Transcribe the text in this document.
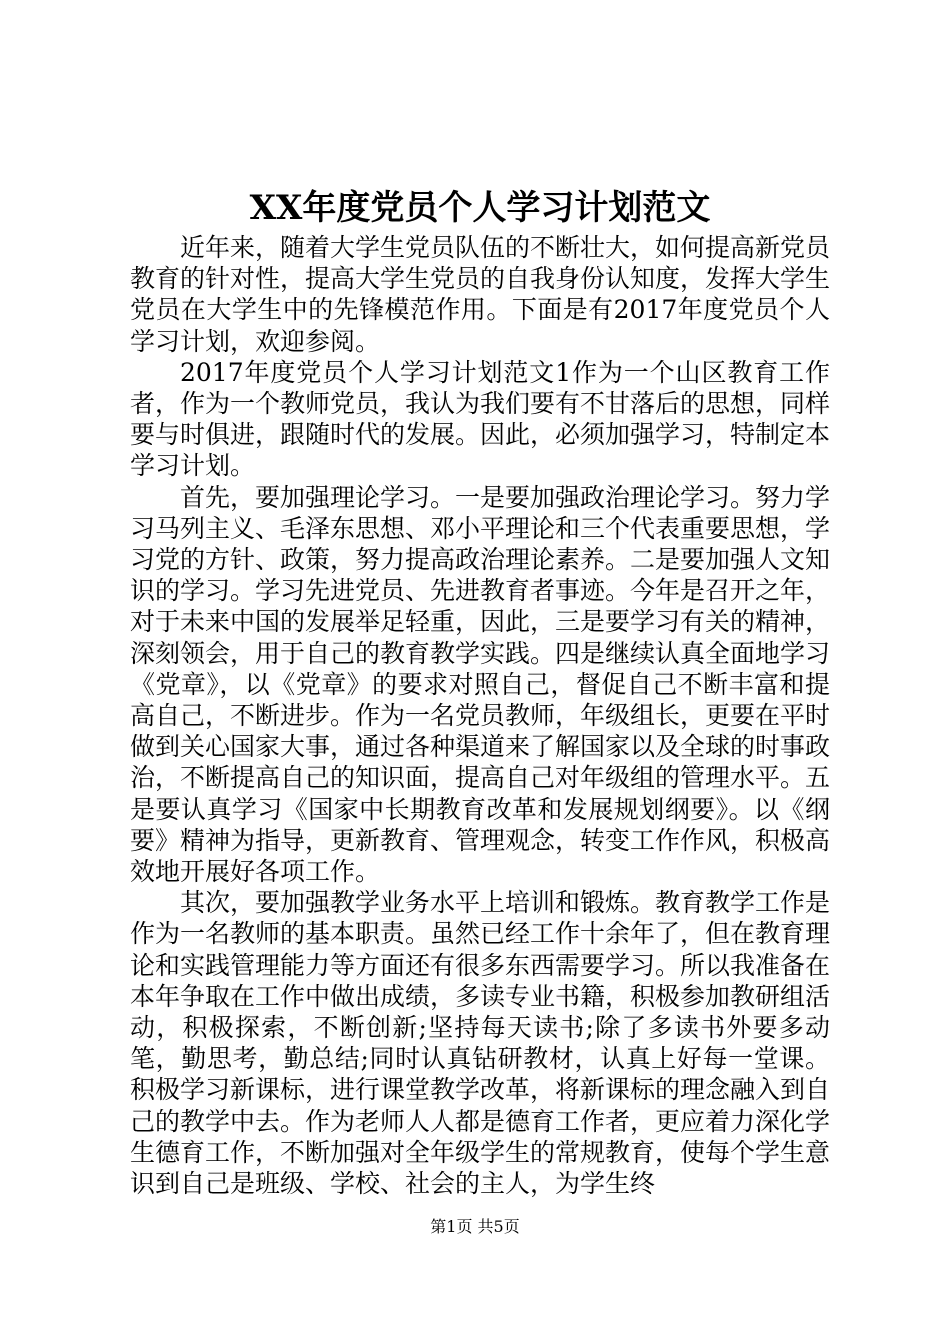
XX年度党员个人学习计划范文

近年来，随着大学生党员队伍的不断壮大，如何提高新党员教育的针对性，提高大学生党员的自我身份认知度，发挥大学生党员在大学生中的先锋模范作用。下面是有2017年度党员个人学习计划，欢迎参阅。

2017年度党员个人学习计划范文1作为一个山区教育工作者，作为一个教师党员，我认为我们要有不甘落后的思想，同样要与时俱进，跟随时代的发展。因此，必须加强学习，特制定本学习计划。

首先，要加强理论学习。一是要加强政治理论学习。努力学习马列主义、毛泽东思想、邓小平理论和三个代表重要思想，学习党的方针、政策，努力提高政治理论素养。二是要加强人文知识的学习。学习先进党员、先进教育者事迹。今年是召开之年，对于未来中国的发展举足轻重，因此，三是要学习有关的精神，深刻领会，用于自己的教育教学实践。四是继续认真全面地学习《党章》，以《党章》的要求对照自己，督促自己不断丰富和提高自己，不断进步。作为一名党员教师，年级组长，更要在平时做到关心国家大事，通过各种渠道来了解国家以及全球的时事政治，不断提高自己的知识面，提高自己对年级组的管理水平。五是要认真学习《国家中长期教育改革和发展规划纲要》。以《纲要》精神为指导，更新教育、管理观念，转变工作作风，积极高效地开展好各项工作。

其次，要加强教学业务水平上培训和锻炼。教育教学工作是作为一名教师的基本职责。虽然已经工作十余年了，但在教育理论和实践管理能力等方面还有很多东西需要学习。所以我准备在本年争取在工作中做出成绩，多读专业书籍，积极参加教研组活动，积极探索，不断创新;坚持每天读书;除了多读书外要多动笔，勤思考，勤总结;同时认真钻研教材，认真上好每一堂课。积极学习新课标，进行课堂教学改革，将新课标的理念融入到自己的教学中去。作为老师人人都是德育工作者，更应着力深化学生德育工作，不断加强对全年级学生的常规教育，使每个学生意识到自己是班级、学校、社会的主人，为学生终

第1页 共5页
